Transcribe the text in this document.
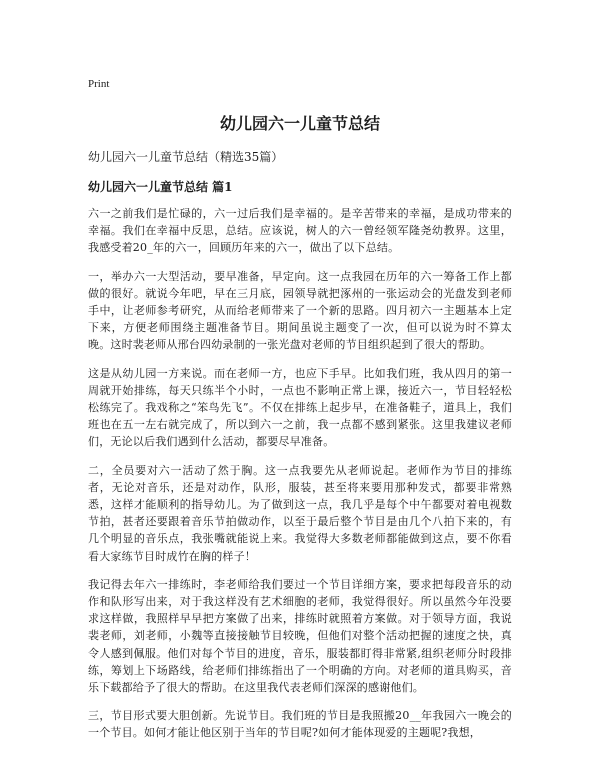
Print
幼儿园六一儿童节总结
幼儿园六一儿童节总结（精选35篇）
幼儿园六一儿童节总结 篇1

六一之前我们是忙碌的，六一过后我们是幸福的。是辛苦带来的幸福，是成功带来的幸福。我们在幸福中反思，总结。应该说，树人的六一曾经领军隆尧幼教界。这里，我感受着20_年的六一，回顾历年来的六一，做出了以下总结。

一，举办六一大型活动，要早准备，早定向。这一点我园在历年的六一筹备工作上都做的很好。就说今年吧，早在三月底，园领导就把涿州的一张运动会的光盘发到老师手中，让老师参考研究，从而给老师带来了一个新的思路。四月初六一主题基本上定下来，方便老师围绕主题准备节目。期间虽说主题变了一次，但可以说为时不算太晚。这时裴老师从邢台四幼录制的一张光盘对老师的节目组织起到了很大的帮助。

这是从幼儿园一方来说。而在老师一方，也应下手早。比如我们班，我从四月的第一周就开始排练，每天只练半个小时，一点也不影响正常上课，接近六一，节目轻轻松松练完了。我戏称之“笨鸟先飞”。不仅在排练上起步早，在准备鞋子，道具上，我们班也在五一左右就完成了，所以到六一之前，我一点都不感到紧张。这里我建议老师们，无论以后我们遇到什么活动，都要尽早准备。

二，全员要对六一活动了然于胸。这一点我要先从老师说起。老师作为节目的排练者，无论对音乐，还是对动作，队形，服装，甚至将来要用那种发式，都要非常熟悉，这样才能顺利的指导幼儿。为了做到这一点，我几乎是每个中午都要对着电视数节拍，甚者还要跟着音乐节拍做动作，以至于最后整个节目是由几个八拍下来的，有几个明显的音乐点，我张嘴就能说上来。我觉得大多数老师都能做到这点，要不你看看大家练节目时成竹在胸的样子！

我记得去年六一排练时，李老师给我们要过一个节目详细方案，要求把每段音乐的动作和队形写出来，对于我这样没有艺术细胞的老师，我觉得很好。所以虽然今年没要求这样做，我照样早早把方案做了出来，排练时就照着方案做。对于领导方面，我说裴老师，刘老师，小魏等直接接触节目较晚，但他们对整个活动把握的速度之快，真令人感到佩服。他们对每个节目的进度，音乐，服装都盯得非常紧,组织老师分时段排练，筹划上下场路线，给老师们排练指出了一个明确的方向。对老师的道具购买，音乐下载都给予了很大的帮助。在这里我代表老师们深深的感谢他们。

三，节目形式要大胆创新。先说节目。我们班的节目是我照搬20__年我园六一晚会的一个节目。如何才能让他区别于当年的节目呢?如何才能体现爱的主题呢?我想，
